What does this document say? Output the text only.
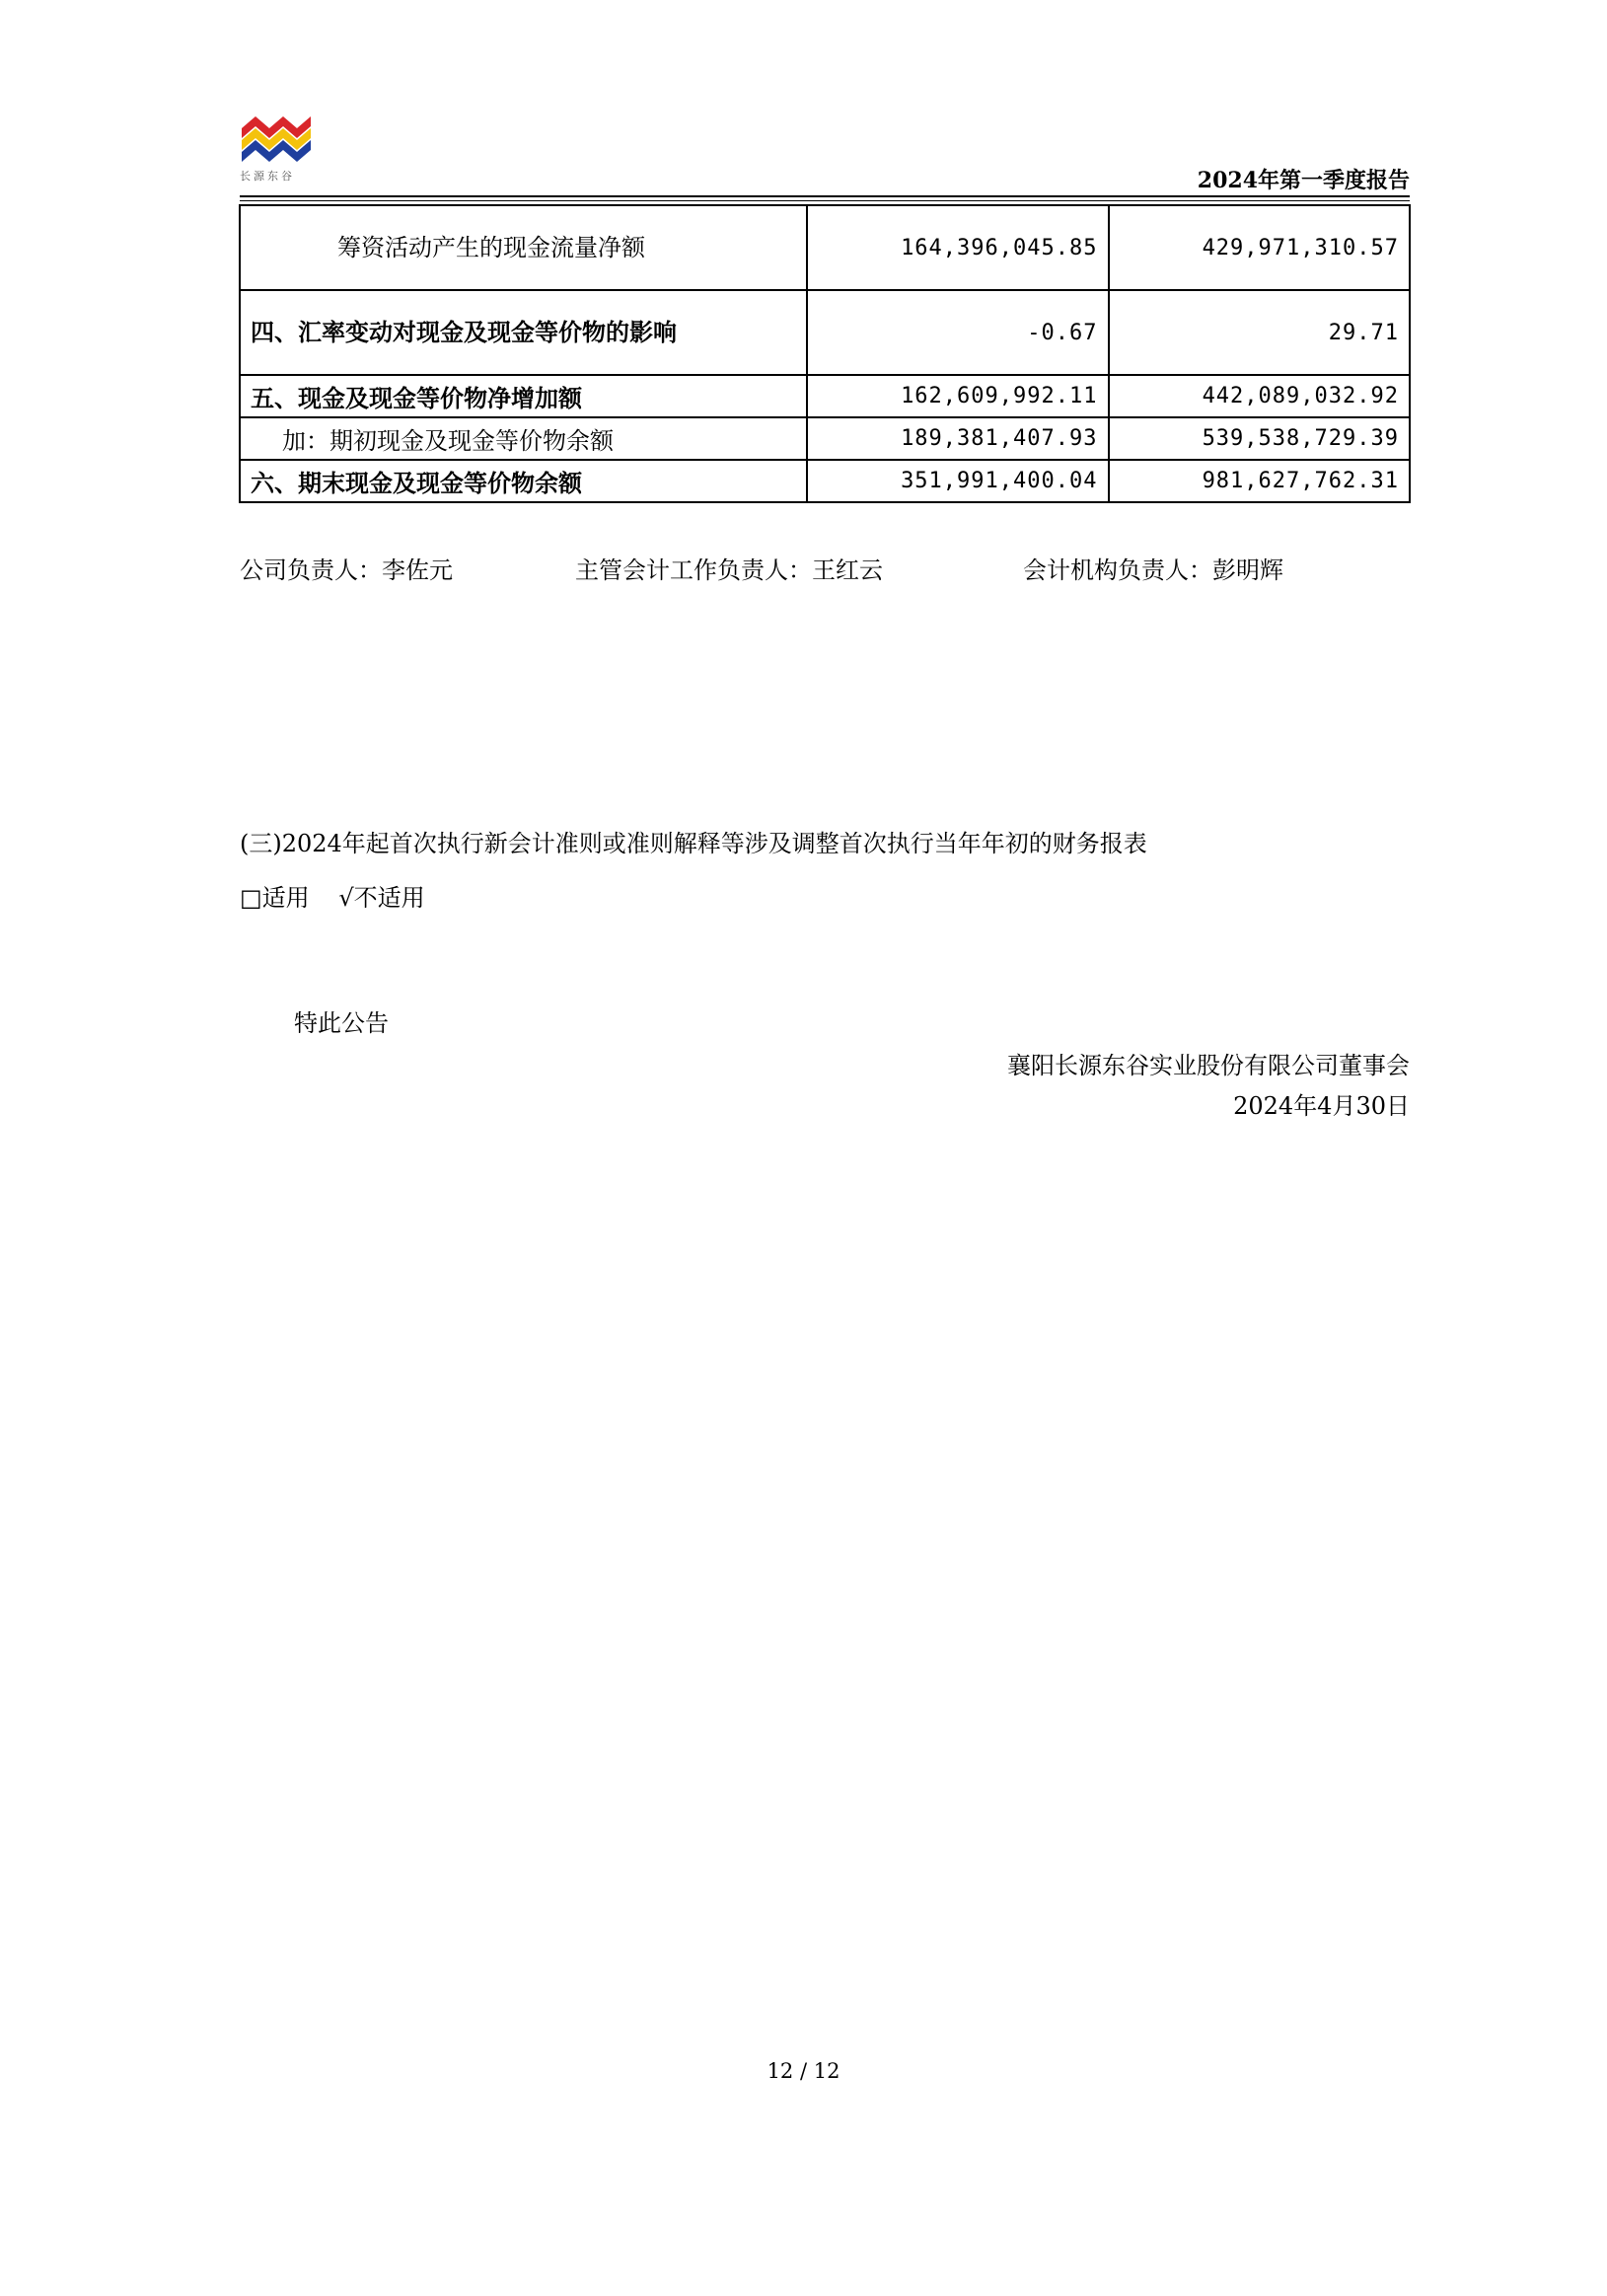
长源东谷	2024年第一季度报告
筹资活动产生的现金流量净额	164,396,045.85	429,971,310.57
四、汇率变动对现金及现金等价物的影响	-0.67	29.71
五、现金及现金等价物净增加额	162,609,992.11	442,089,032.92
加：期初现金及现金等价物余额	189,381,407.93	539,538,729.39
六、期末现金及现金等价物余额	351,991,400.04	981,627,762.31
公司负责人：李佐元	主管会计工作负责人：王红云	会计机构负责人：彭明辉
(三)2024年起首次执行新会计准则或准则解释等涉及调整首次执行当年年初的财务报表
□适用 √不适用
特此公告
襄阳长源东谷实业股份有限公司董事会
2024年4月30日
12 / 12
